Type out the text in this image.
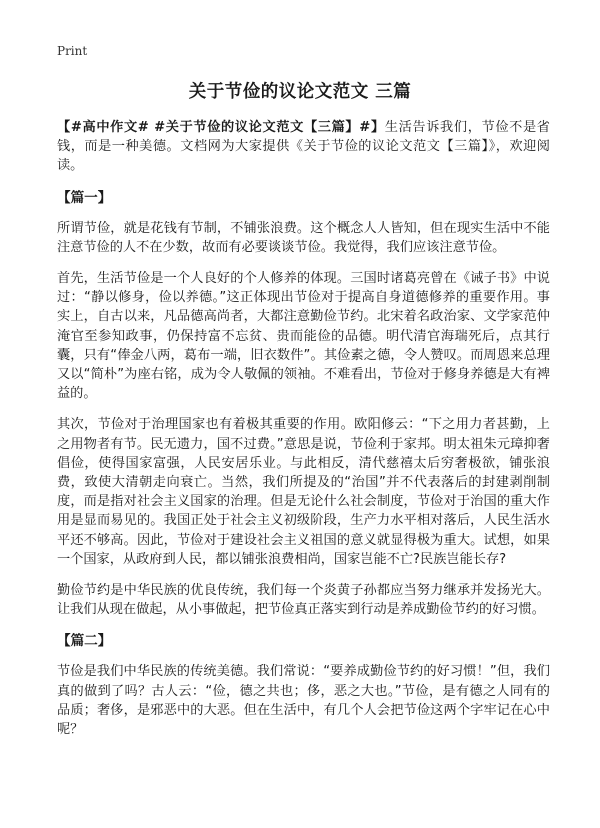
Print
关于节俭的议论文范文 三篇

【#高中作文# #关于节俭的议论文范文【三篇】#】生活告诉我们，节俭不是省钱，而是一种美德。文档网为大家提供《关于节俭的议论文范文【三篇】》，欢迎阅读。

【篇一】

所谓节俭，就是花钱有节制，不铺张浪费。这个概念人人皆知，但在现实生活中不能注意节俭的人不在少数，故而有必要谈谈节俭。我觉得，我们应该注意节俭。

首先，生活节俭是一个人良好的个人修养的体现。三国时诸葛亮曾在《诫子书》中说过：“静以修身，俭以养德。”这正体现出节俭对于提高自身道德修养的重要作用。事实上，自古以来，凡品德高尚者，大都注意勤俭节约。北宋着名政治家、文学家范仲淹官至参知政事，仍保持富不忘贫、贵而能俭的品德。明代清官海瑞死后，点其行囊，只有“俸金八两，葛布一端，旧衣数件”。其俭素之德，令人赞叹。而周恩来总理又以“简朴”为座右铭，成为令人敬佩的领袖。不难看出，节俭对于修身养德是大有裨益的。

其次，节俭对于治理国家也有着极其重要的作用。欧阳修云：“下之用力者甚勤，上之用物者有节。民无遗力，国不过费。”意思是说，节俭利于家邦。明太祖朱元璋抑奢倡俭，使得国家富强，人民安居乐业。与此相反，清代慈禧太后穷奢极欲，铺张浪费，致使大清朝走向衰亡。当然，我们所提及的“治国”并不代表落后的封建剥削制度，而是指对社会主义国家的治理。但是无论什么社会制度，节俭对于治国的重大作用是显而易见的。我国正处于社会主义初级阶段，生产力水平相对落后，人民生活水平还不够高。因此，节俭对于建设社会主义祖国的意义就显得极为重大。试想，如果一个国家，从政府到人民，都以铺张浪费相尚，国家岂能不亡?民族岂能长存?

勤俭节约是中华民族的优良传统，我们每一个炎黄子孙都应当努力继承并发扬光大。让我们从现在做起，从小事做起，把节俭真正落实到行动是养成勤俭节约的好习惯。

【篇二】

节俭是我们中华民族的传统美德。我们常说：“要养成勤俭节约的好习惯！”但，我们真的做到了吗？古人云：“俭，德之共也；侈，恶之大也。”节俭，是有德之人同有的品质；奢侈，是邪恶中的大恶。但在生活中，有几个人会把节俭这两个字牢记在心中呢？
